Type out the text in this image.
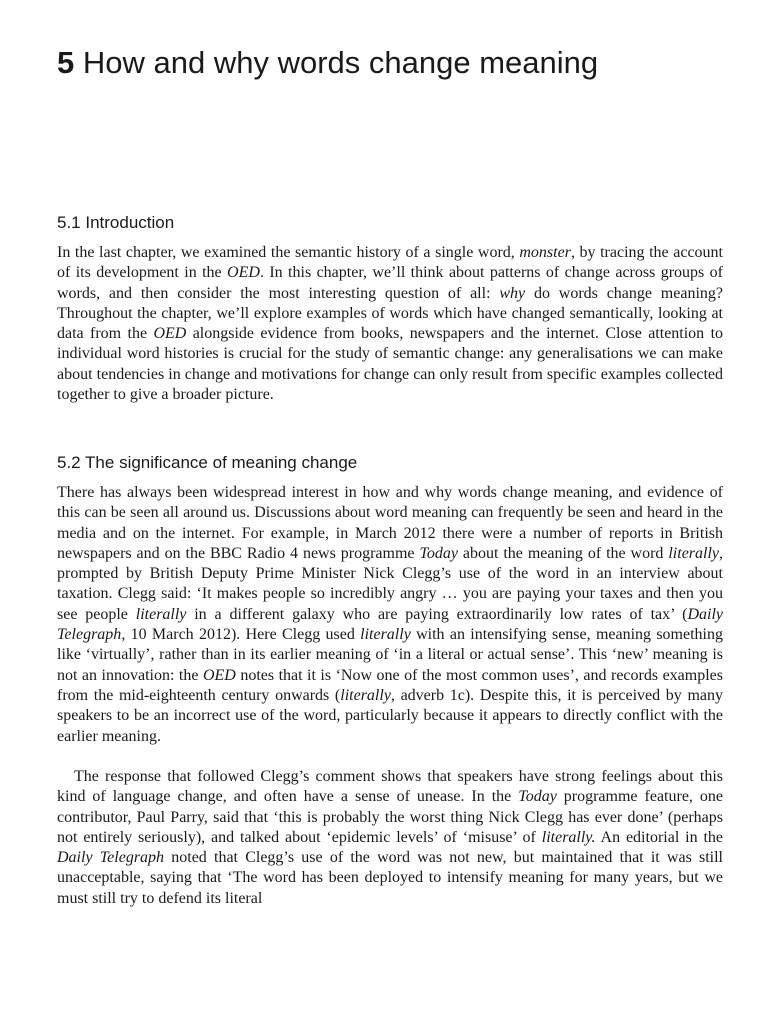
5 How and why words change meaning
5.1 Introduction

In the last chapter, we examined the semantic history of a single word, monster, by tracing the account of its development in the OED. In this chapter, we’ll think about patterns of change across groups of words, and then consider the most interesting question of all: why do words change meaning? Throughout the chapter, we’ll explore examples of words which have changed semantically, looking at data from the OED alongside evidence from books, newspapers and the internet. Close attention to individual word histories is crucial for the study of semantic change: any generalisations we can make about tendencies in change and motivations for change can only result from specific examples collected together to give a broader picture.

5.2 The significance of meaning change

There has always been widespread interest in how and why words change meaning, and evidence of this can be seen all around us. Discussions about word meaning can frequently be seen and heard in the media and on the internet. For example, in March 2012 there were a number of reports in British newspapers and on the BBC Radio 4 news programme Today about the meaning of the word literally, prompted by British Deputy Prime Minister Nick Clegg’s use of the word in an interview about taxation. Clegg said: ‘It makes people so incredibly angry … you are paying your taxes and then you see people literally in a different galaxy who are paying extraordinarily low rates of tax’ (Daily Telegraph, 10 March 2012). Here Clegg used literally with an intensifying sense, meaning something like ‘virtually’, rather than in its earlier meaning of ‘in a literal or actual sense’. This ‘new’ meaning is not an innovation: the OED notes that it is ‘Now one of the most common uses’, and records examples from the mid-eighteenth century onwards (literally, adverb 1c). Despite this, it is perceived by many speakers to be an incorrect use of the word, particularly because it appears to directly conflict with the earlier meaning.

The response that followed Clegg’s comment shows that speakers have strong feelings about this kind of language change, and often have a sense of unease. In the Today programme feature, one contributor, Paul Parry, said that ‘this is probably the worst thing Nick Clegg has ever done’ (perhaps not entirely seriously), and talked about ‘epidemic levels’ of ‘misuse’ of literally. An editorial in the Daily Telegraph noted that Clegg’s use of the word was not new, but maintained that it was still unacceptable, saying that ‘The word has been deployed to intensify meaning for many years, but we must still try to defend its literal
